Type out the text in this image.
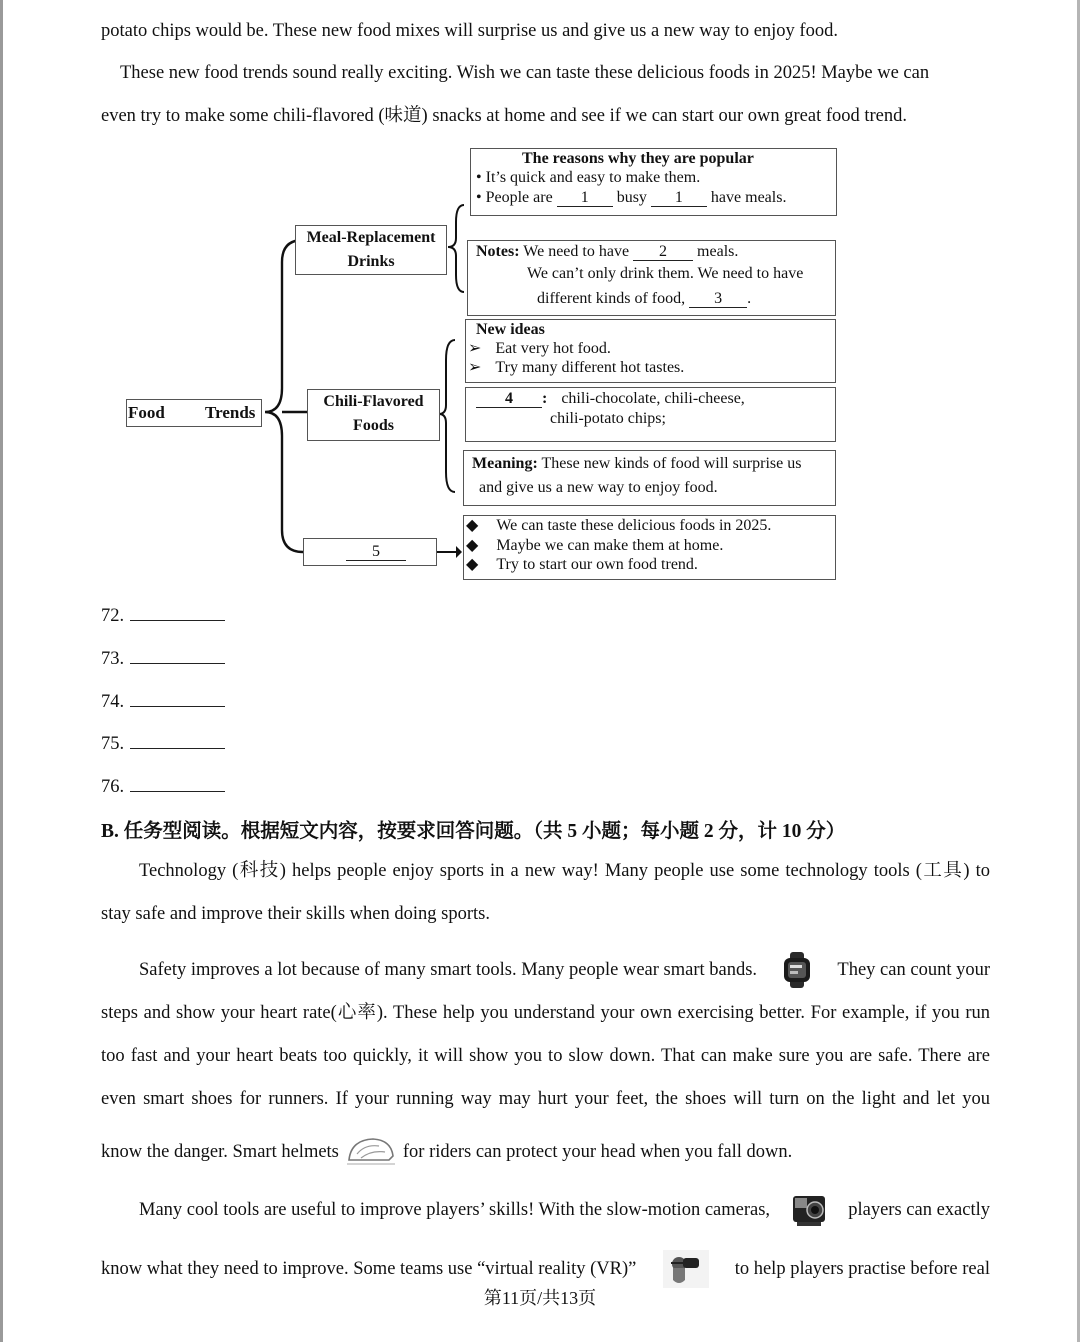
potato chips would be. These new food mixes will surprise us and give us a new way to enjoy food.
These new food trends sound really exciting. Wish we can taste these delicious foods in 2025! Maybe we can
even try to make some chili-flavored (味道) snacks at home and see if we can start our own great food trend.
Food Trends
Meal-Replacement
Drinks
Chili-Flavored
Foods
5
The reasons why they are popular
• It’s quick and easy to make them.
• People are 1 busy 1 have meals.
Notes: We need to have 2 meals.
We can’t only drink them. We need to have
different kinds of food, 3 .
New ideas
➢ Eat very hot food.
➢ Try many different hot tastes.
4 : chili-chocolate, chili-cheese,
chili-potato chips;
Meaning: These new kinds of food will surprise us
and give us a new way to enjoy food.
◆ We can taste these delicious foods in 2025.
◆ Maybe we can make them at home.
◆ Try to start our own food trend.
72.
73.
74.
75.
76.
B. 任务型阅读。根据短文内容，按要求回答问题。（共 5 小题；每小题 2 分，计 10 分）
Technology (科技) helps people enjoy sports in a new way! Many people use some technology tools (工具) to
stay safe and improve their skills when doing sports.
Safety improves a lot because of many smart tools. Many people wear smart bands.	They can count your
steps and show your heart rate(心率). These help you understand your own exercising better. For example, if you run
too fast and your heart beats too quickly, it will show you to slow down. That can make sure you are safe. There are
even smart shoes for runners. If your running way may hurt your feet, the shoes will turn on the light and let you
know the danger. Smart helmets	for riders can protect your head when you fall down.
Many cool tools are useful to improve players’ skills! With the slow-motion cameras,	players can exactly
know what they need to improve. Some teams use “virtual reality (VR)”	to help players practise before real
第11页/共13页
